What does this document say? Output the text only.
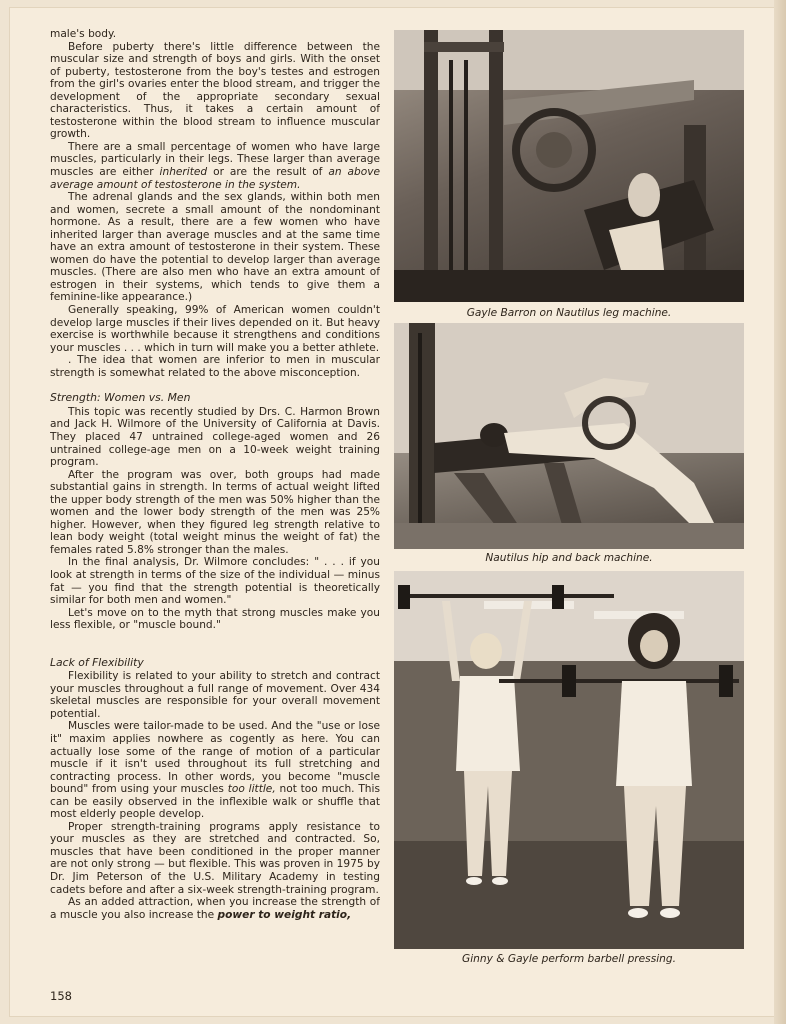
male's body.

Before puberty there's little difference between the muscular size and strength of boys and girls. With the onset of puberty, testosterone from the boy's testes and estrogen from the girl's ovaries enter the blood stream, and trigger the development of the appropriate secondary sexual characteristics. Thus, it takes a certain amount of testosterone within the blood stream to influence muscular growth.

There are a small percentage of women who have large muscles, particularly in their legs. These larger than average muscles are either inherited or are the result of an above average amount of testosterone in the system.

The adrenal glands and the sex glands, within both men and women, secrete a small amount of the nondominant hormone. As a result, there are a few women who have inherited larger than average muscles and at the same time have an extra amount of testosterone in their system. These women do have the potential to develop larger than average muscles. (There are also men who have an extra amount of estrogen in their systems, which tends to give them a feminine-like appearance.)

Generally speaking, 99% of American women couldn't develop large muscles if their lives depended on it. But heavy exercise is worthwhile because it strengthens and conditions your muscles . . . which in turn will make you a better athlete.

. The idea that women are inferior to men in muscular strength is somewhat related to the above misconception.

Strength: Women vs. Men

This topic was recently studied by Drs. C. Harmon Brown and Jack H. Wilmore of the University of California at Davis. They placed 47 untrained college-aged women and 26 untrained college-age men on a 10-week weight training program.

After the program was over, both groups had made substantial gains in strength. In terms of actual weight lifted the upper body strength of the men was 50% higher than the women and the lower body strength of the men was 25% higher. However, when they figured leg strength relative to lean body weight (total weight minus the weight of fat) the females rated 5.8% stronger than the males.

In the final analysis, Dr. Wilmore concludes: " . . . if you look at strength in terms of the size of the individual — minus fat — you find that the strength potential is theoretically similar for both men and women."

Let's move on to the myth that strong muscles make you less flexible, or "muscle bound."

Lack of Flexibility

Flexibility is related to your ability to stretch and contract your muscles throughout a full range of movement. Over 434 skeletal muscles are responsible for your overall movement potential.

Muscles were tailor-made to be used. And the "use or lose it" maxim applies nowhere as cogently as here. You can actually lose some of the range of motion of a particular muscle if it isn't used throughout its full stretching and contracting process. In other words, you become "muscle bound" from using your muscles too little, not too much. This can be easily observed in the inflexible walk or shuffle that most elderly people develop.

Proper strength-training programs apply resistance to your muscles as they are stretched and contracted. So, muscles that have been conditioned in the proper manner are not only strong — but flexible. This was proven in 1975 by Dr. Jim Peterson of the U.S. Military Academy in testing cadets before and after a six-week strength-training program.

As an added attraction, when you increase the strength of a muscle you also increase the power to weight ratio,

158
Gayle Barron on Nautilus leg machine.
Nautilus hip and back machine.
Ginny & Gayle perform barbell pressing.
